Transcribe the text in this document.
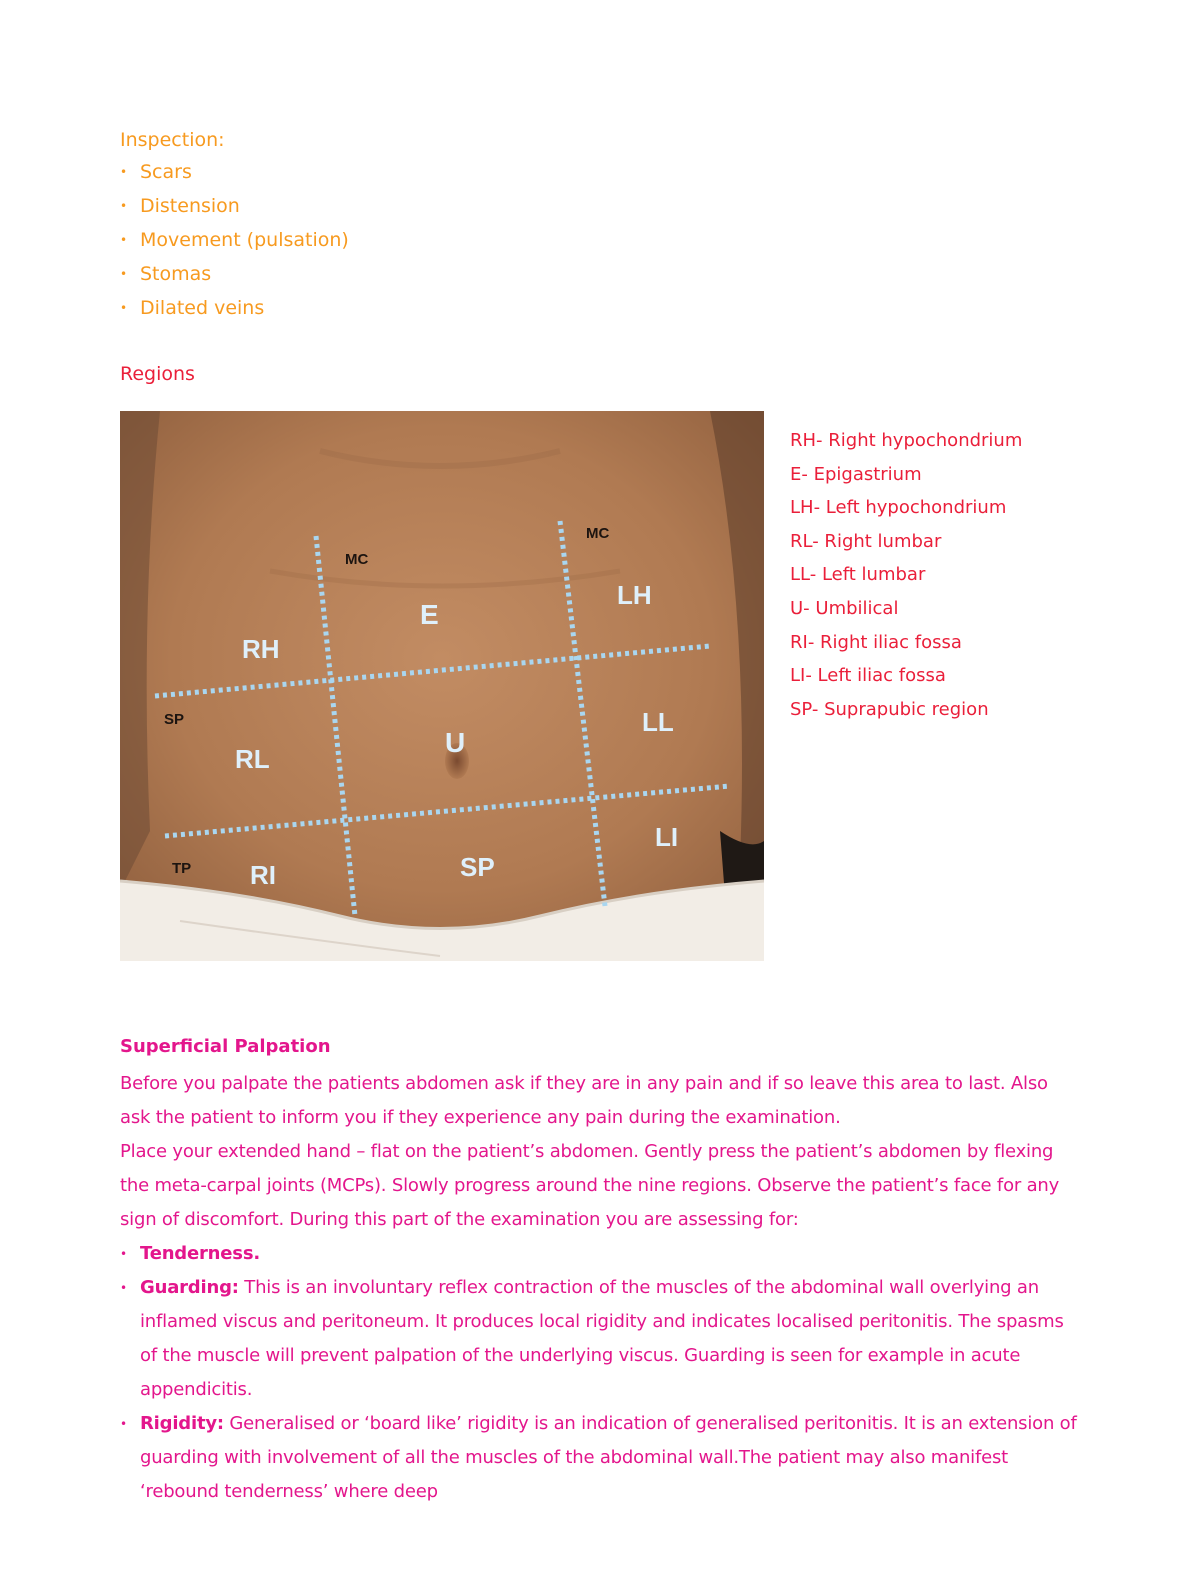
Inspection:
• Scars
• Distension
• Movement (pulsation)
• Stomas
• Dilated veins
Regions
RH
E
LH
RL
U
LL
RI	SP
LI
MC
MC
SP
TP
RH- Right hypochondrium
E- Epigastrium
LH- Left hypochondrium
RL- Right lumbar
LL- Left lumbar
U- Umbilical
RI- Right iliac fossa
LI- Left iliac fossa
SP- Suprapubic region
Superficial Palpation

Before you palpate the patients abdomen ask if they are in any pain and if so leave this area to last. Also ask the patient to inform you if they experience any pain during the examination.

Place your extended hand – flat on the patient’s abdomen. Gently press the patient’s abdomen by flexing the meta-carpal joints (MCPs). Slowly progress around the nine regions. Observe the patient’s face for any sign of discomfort. During this part of the examination you are assessing for:

• Tenderness.
• Guarding: This is an involuntary reflex contraction of the muscles of the abdominal wall overlying an inflamed viscus and peritoneum. It produces local rigidity and indicates localised peritonitis. The spasms of the muscle will prevent palpation of the underlying viscus. Guarding is seen for example in acute appendicitis.
• Rigidity: Generalised or ‘board like’ rigidity is an indication of generalised peritonitis. It is an extension of guarding with involvement of all the muscles of the abdominal wall.The patient may also manifest ‘rebound tenderness’ where deep
